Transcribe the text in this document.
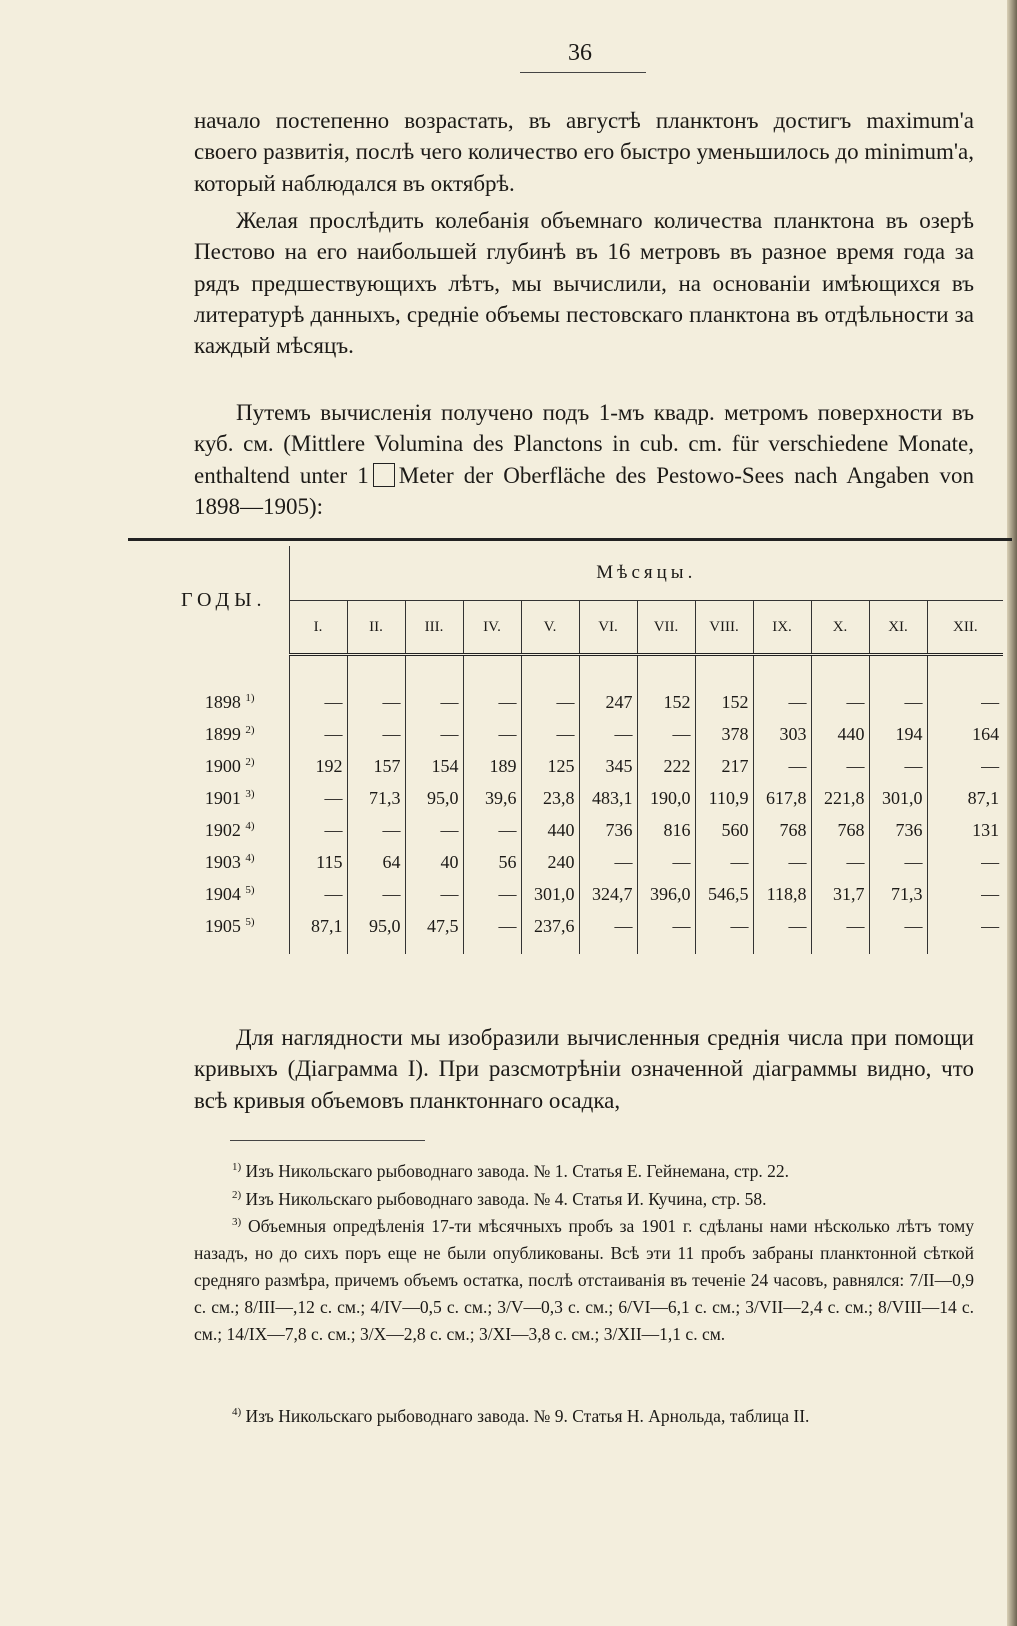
36

начало постепенно возрастать, въ августѣ планктонъ достигъ maximum'а своего развитія, послѣ чего количество его быстро уменьшилось до minimum'а, который наблюдался въ октябрѣ.

Желая прослѣдить колебанія объемнаго количества планктона въ озерѣ Пестово на его наибольшей глубинѣ въ 16 метровъ въ разное время года за рядъ предшествующихъ лѣтъ, мы вычислили, на основаніи имѣющихся въ литературѣ данныхъ, средніе объемы пестовскаго планктона въ отдѣльности за каждый мѣсяцъ.

Путемъ вычисленія получено подъ 1-мъ квадр. метромъ поверхности въ куб. см. (Mittlere Voluminа des Planctons in cub. cm. für verschiedene Monate, enthaltend unter 1 Meter der Oberfläche des Pestowo-Sees nach Angaben von 1898—1905):

ГОДЫ.	Мѣсяцы.											
	I.	II.	III.	IV.	V.	VI.	VII.	VIII.	IX.	X.	XI.	XII.

1898 $^{1)}$	—	—	—	—	—	247	152	152	—	—	—	—
1899 $^{2)}$	—	—	—	—	—	—	—	378	303	440	194	164
1900 $^{2)}$	192	157	154	189	125	345	222	217	—	—	—	—
1901 $^{3)}$	—	71,3	95,0	39,6	23,8	483,1	190,0	110,9	617,8	221,8	301,0	87,1
1902 $^{4)}$	—	—	—	—	440	736	816	560	768	768	736	131
1903 $^{4)}$	115	64	40	56	240	—	—	—	—	—	—	—
1904 $^{5)}$	—	—	—	—	301,0	324,7	396,0	546,5	118,8	31,7	71,3	—
1905 $^{5)}$	87,1	95,0	47,5	—	237,6	—	—	—	—	—	—	—

Для наглядности мы изобразили вычисленныя среднія числа при помощи кривыхъ (Діаграмма I). При разсмотрѣніи означенной діаграммы видно, что всѣ кривыя объемовъ планктоннаго осадка,

$^{1)}$ Изъ Никольскаго рыбоводнаго завода. № 1. Статья Е. Гейнемана, стр. 22.

$^{2)}$ Изъ Никольскаго рыбоводнаго завода. № 4. Статья И. Кучина, стр. 58.

$^{3)}$ Объемныя опредѣленія 17-ти мѣсячныхъ пробъ за 1901 г. сдѣланы нами нѣсколько лѣтъ тому назадъ, но до сихъ поръ еще не были опубликованы. Всѣ эти 11 пробъ забраны планктонной сѣткой средняго размѣра, причемъ объемъ остатка, послѣ отстаиванія въ теченіе 24 часовъ, равнялся: 7/II—0,9 с. см.; 8/III—,12 с. см.; 4/IV—0,5 с. см.; 3/V—0,3 с. см.; 6/VI—6,1 с. см.; 3/VII—2,4 с. см.; 8/VIII—14 с. см.; 14/IX—7,8 с. см.; 3/X—2,8 с. см.; 3/XI—3,8 с. см.; 3/XII—1,1 с. см.

$^{4)}$ Изъ Никольскаго рыбоводнаго завода. № 9. Статья Н. Арнольда, таблица II.
